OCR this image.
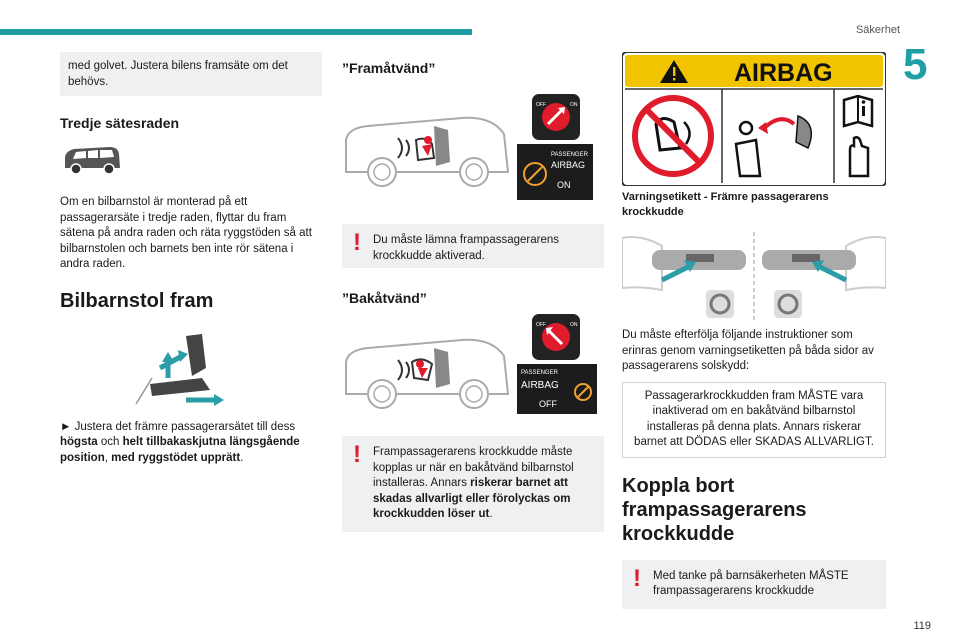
Säkerhet
5
119
med golvet. Justera bilens framsäte om det behövs.
Tredje sätesraden
Om en bilbarnstol är monterad på ett passagerarsäte i tredje raden, flyttar du fram sätena på andra raden och räta ryggstöden så att bilbarnstolen och barnets ben inte rör sätena i andra raden.
Bilbarnstol fram
► Justera det främre passagerarsätet till dess högsta och helt tillbakaskjutna längsgående position, med ryggstödet upprätt.
”Framåtvänd”
OFF	ON
PASSENGER
AIRBAG
ON
! Du måste lämna frampassagerarens krockkudde aktiverad.
”Bakåtvänd”
OFF	ON
PASSENGER
AIRBAG
OFF
! Frampassagerarens krockkudde måste kopplas ur när en bakåtvänd bilbarnstol installeras. Annars riskerar barnet att skadas allvarligt eller förolyckas om krockkudden löser ut.
AIRBAG
Varningsetikett - Främre passagerarens krockkudde
Du måste efterfölja följande instruktioner som erinras genom varningsetiketten på båda sidor av passagerarens solskydd:
Passagerarkrockkudden fram MÅSTE vara inaktiverad om en bakåtvänd bilbarnstol installeras på denna plats. Annars riskerar barnet att DÖDAS eller SKADAS ALLVARLIGT.
Koppla bort frampassagerarens krockkudde
! Med tanke på barnsäkerheten MÅSTE frampassagerarens krockkudde
